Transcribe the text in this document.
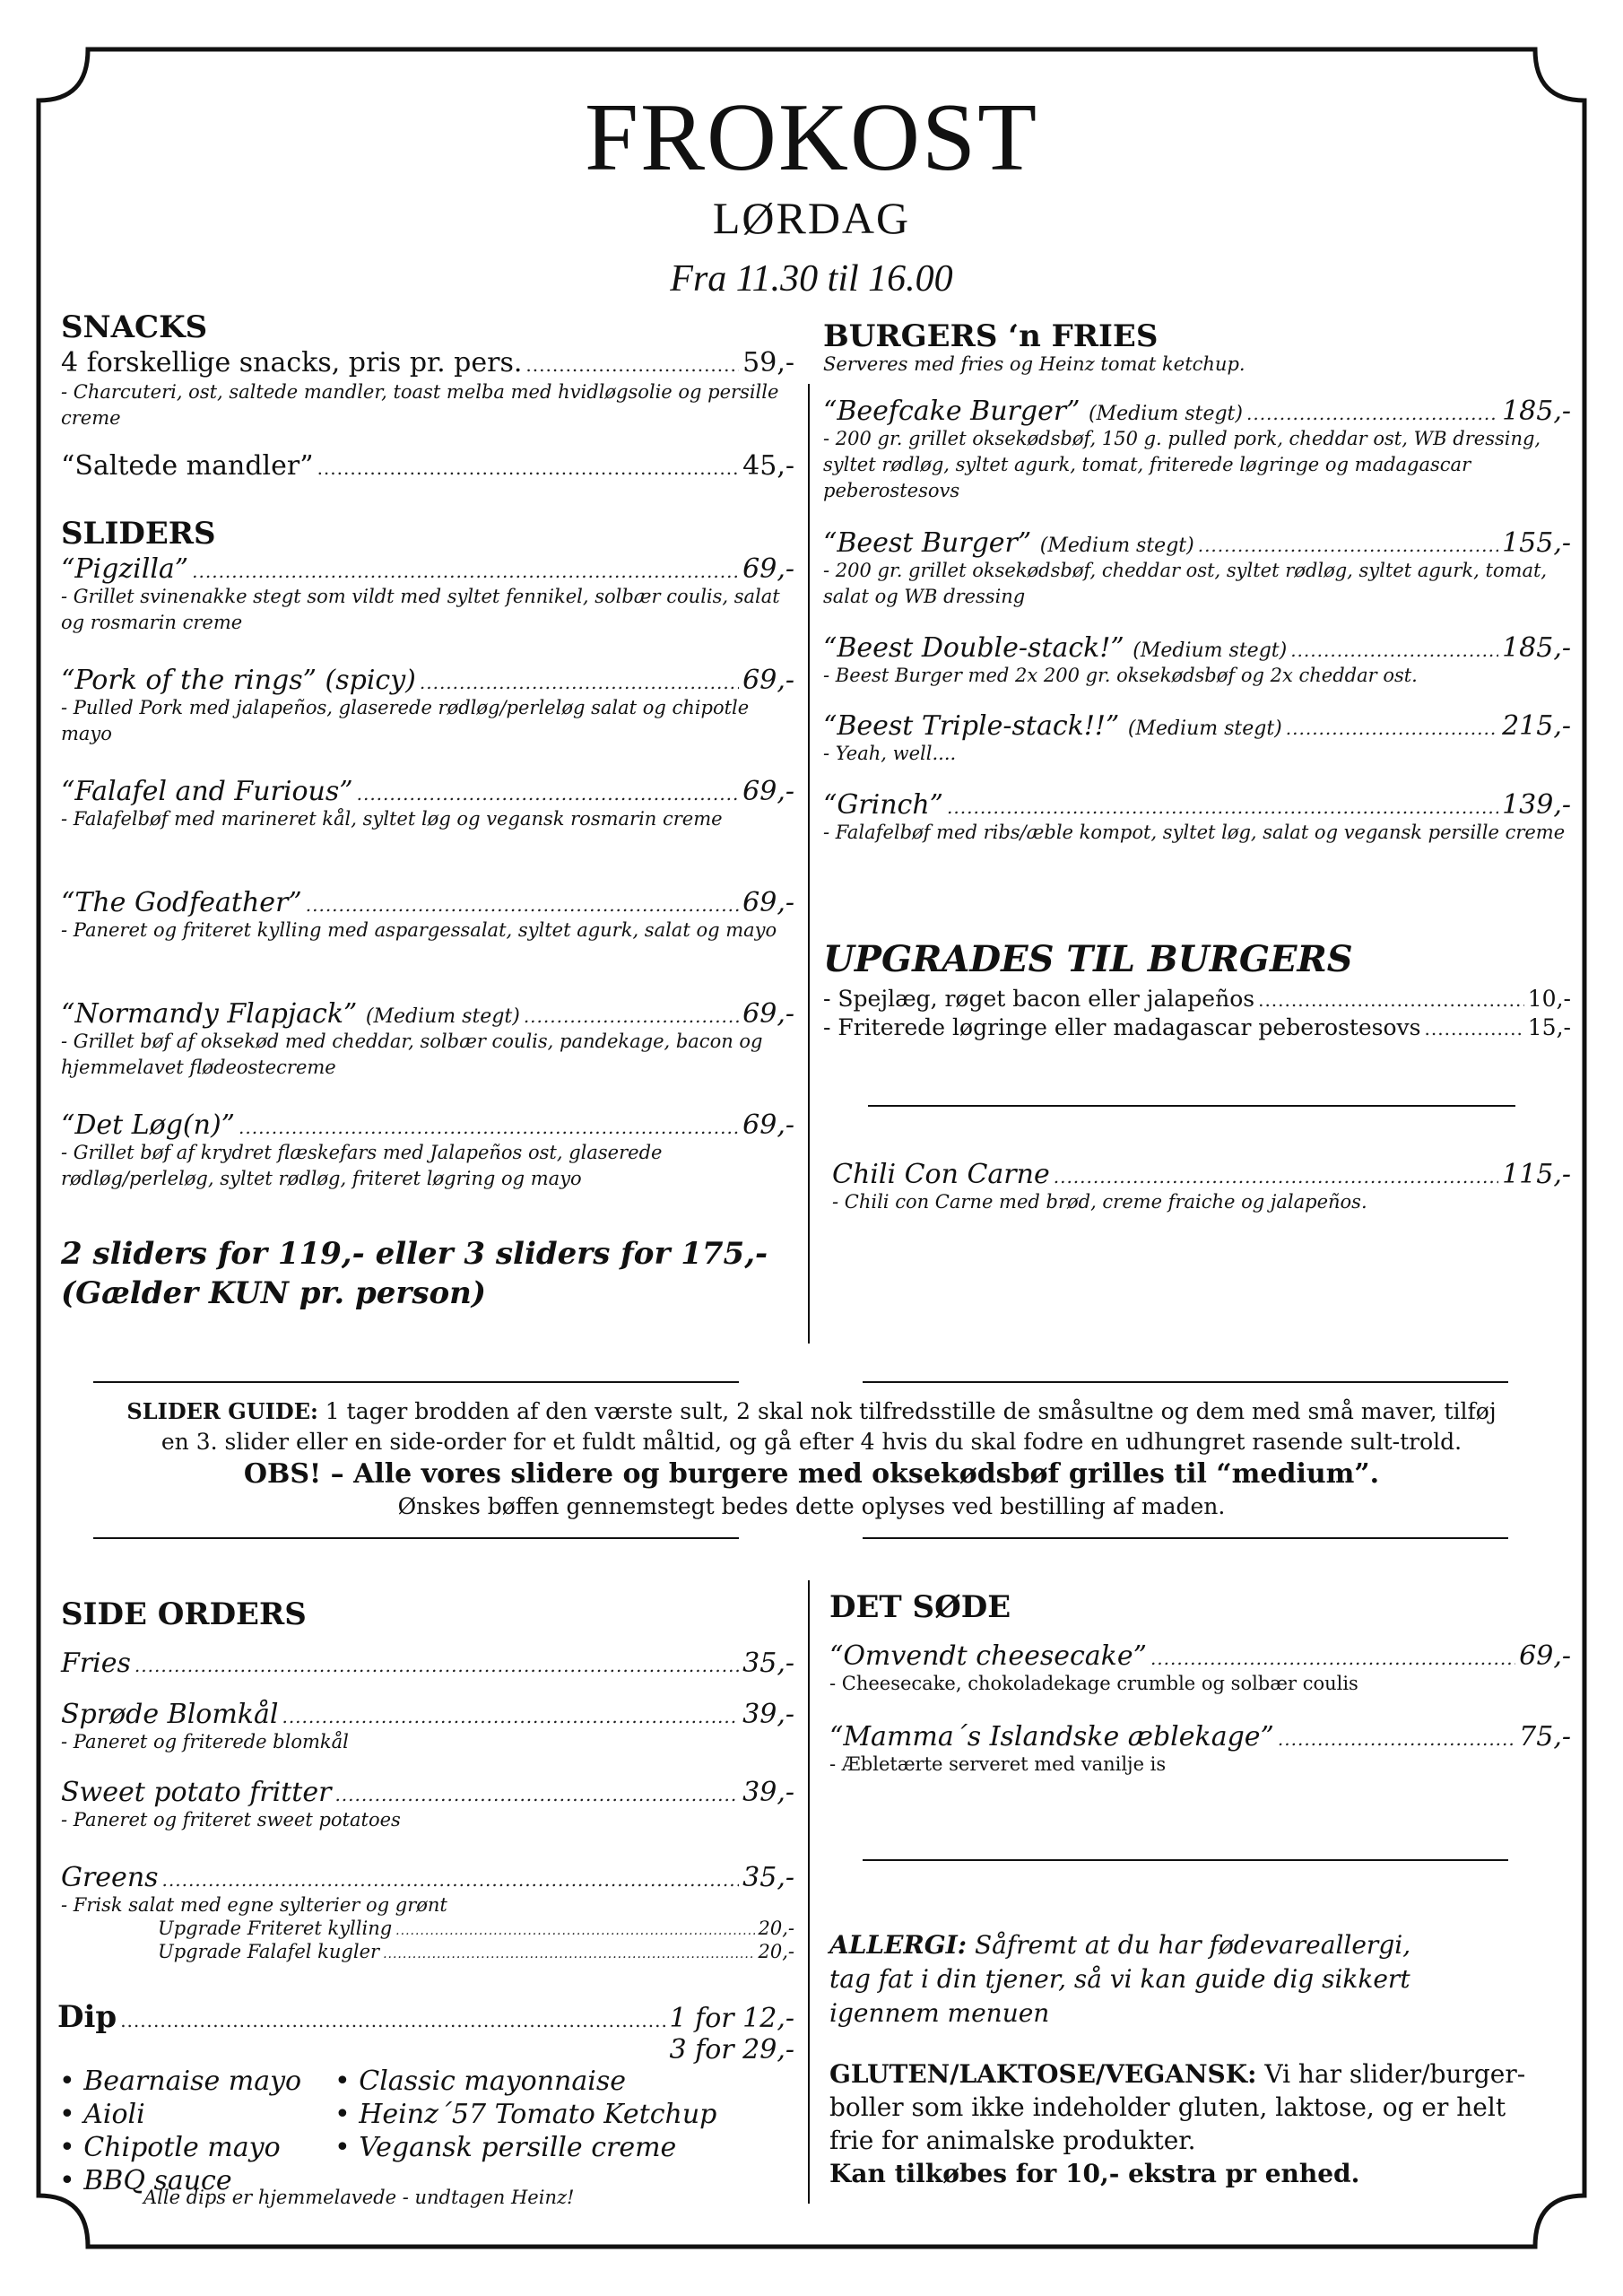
FROKOST
LØRDAG
Fra 11.30 til 16.00
SNACKS
4 forskellige snacks, pris pr. pers. .....	59,-
- Charcuteri, ost, saltede mandler, toast melba med hvidløgsolie og persille creme
“Saltede mandler” .....	45,-
SLIDERS
“Pigzilla” .....	69,-
- Grillet svinenakke stegt som vildt med syltet fennikel, solbær coulis, salat og rosmarin creme
“Pork of the rings” (spicy) .....	69,-
- Pulled Pork med jalapeños, glaserede rødløg/perleløg salat og chipotle mayo
“Falafel and Furious” .....	69,-
- Falafelbøf med marineret kål, syltet løg og vegansk rosmarin creme
“The Godfeather” .....	69,-
- Paneret og friteret kylling med aspargessalat, syltet agurk, salat og mayo
“Normandy Flapjack” (Medium stegt) .....	69,-
- Grillet bøf af oksekød med cheddar, solbær coulis, pandekage, bacon og hjemmelavet flødeostecreme
“Det Løg(n)” .....	69,-
- Grillet bøf af krydret flæskefars med Jalapeños ost, glaserede rødløg/perleløg, syltet rødløg, friteret løgring og mayo
2 sliders for 119,- eller 3 sliders for 175,-
(Gælder KUN pr. person)
BURGERS ‘n FRIES
Serveres med fries og Heinz tomat ketchup.
“Beefcake Burger” (Medium stegt) .....	185,-
- 200 gr. grillet oksekødsbøf, 150 g. pulled pork, cheddar ost, WB dressing, syltet rødløg, syltet agurk, tomat, friterede løgringe og madagascar peberostesovs
“Beest Burger” (Medium stegt) .....	155,-
- 200 gr. grillet oksekødsbøf, cheddar ost, syltet rødløg, syltet agurk, tomat, salat og WB dressing
“Beest Double-stack!” (Medium stegt) .....	185,-
- Beest Burger med 2x 200 gr. oksekødsbøf og 2x cheddar ost.
“Beest Triple-stack!!” (Medium stegt) .....	215,-
- Yeah, well....
“Grinch” .....	139,-
- Falafelbøf med ribs/æble kompot, syltet løg, salat og vegansk persille creme
UPGRADES TIL BURGERS
- Spejlæg, røget bacon eller jalapeños .....	10,-
- Friterede løgringe eller madagascar peberostesovs .....	15,-
Chili Con Carne .....	115,-
- Chili con Carne med brød, creme fraiche og jalapeños.
SLIDER GUIDE: 1 tager brodden af den værste sult, 2 skal nok tilfredsstille de småsultne og dem med små maver, tilføj
en 3. slider eller en side-order for et fuldt måltid, og gå efter 4 hvis du skal fodre en udhungret rasende sult-trold.
OBS! – Alle vores slidere og burgere med oksekødsbøf grilles til “medium”.
Ønskes bøffen gennemstegt bedes dette oplyses ved bestilling af maden.
SIDE ORDERS
Fries .....	35,-
Sprøde Blomkål .....	39,-
- Paneret og friterede blomkål
Sweet potato fritter .....	39,-
- Paneret og friteret sweet potatoes
Greens .....	35,-
- Frisk salat med egne sylterier og grønt
Upgrade Friteret kylling .....	20,-
Upgrade Falafel kugler .....	20,-
Dip .....	1 for 12,-
3 for 29,-
• Bearnaise mayo
• Aioli
• Chipotle mayo
• BBQ sauce
• Classic mayonnaise
• Heinz´57 Tomato Ketchup
• Vegansk persille creme
Alle dips er hjemmelavede - undtagen Heinz!
DET SØDE
“Omvendt cheesecake” .....	69,-
- Cheesecake, chokoladekage crumble og solbær coulis
“Mamma´s Islandske æblekage” .....	75,-
- Æbletærte serveret med vanilje is
ALLERGI: Såfremt at du har fødevareallergi,
tag fat i din tjener, så vi kan guide dig sikkert
igennem menuen
GLUTEN/LAKTOSE/VEGANSK: Vi har slider/burger-
boller som ikke indeholder gluten, laktose, og er helt
frie for animalske produkter.
Kan tilkøbes for 10,- ekstra pr enhed.
